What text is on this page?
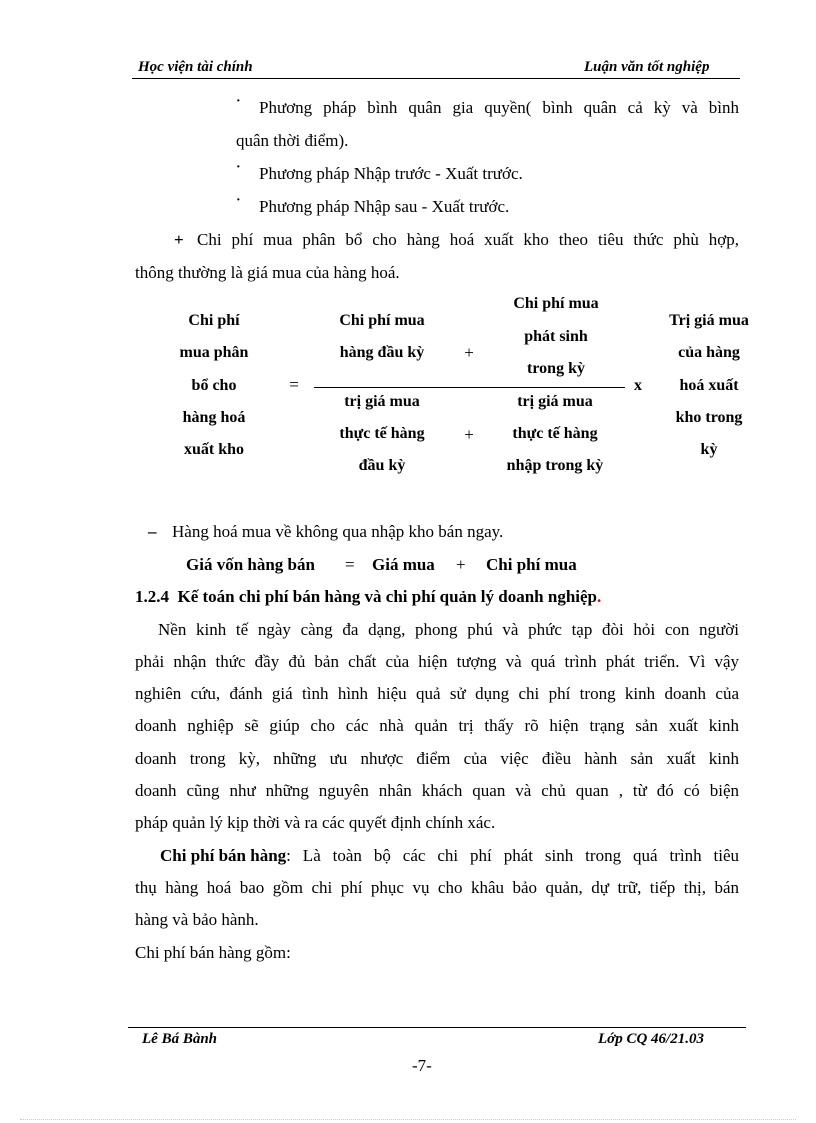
Học viện tài chính	Luận văn tốt nghiệp
· Phương pháp bình quân gia quyền( bình quân cả kỳ và bình
quân thời điểm).
· Phương pháp Nhập trước - Xuất trước.
· Phương pháp Nhập sau - Xuất trước.
+ Chi phí mua phân bổ cho hàng hoá xuất kho theo tiêu thức phù hợp,
thông thường là giá mua của hàng hoá.
Chi phí
mua phân
bổ cho
hàng hoá
xuất kho
=
Chi phí mua
hàng đầu kỳ	+
Chi phí mua
phát sinh
trong kỳ
trị giá mua
thực tế hàng
đầu kỳ
+
trị giá mua
thực tế hàng
nhập trong kỳ
x
Trị giá mua
của hàng
hoá xuất
kho trong
kỳ
– Hàng hoá mua về không qua nhập kho bán ngay.
Giá vốn hàng bán = Giá mua + Chi phí mua
1.2.4 Kế toán chi phí bán hàng và chi phí quản lý doanh nghiệp.
Nền kinh tế ngày càng đa dạng, phong phú và phức tạp đòi hỏi con người
phải nhận thức đầy đủ bản chất của hiện tượng và quá trình phát triển. Vì vậy
nghiên cứu, đánh giá tình hình hiệu quả sử dụng chi phí trong kinh doanh của
doanh nghiệp sẽ giúp cho các nhà quản trị thấy rõ hiện trạng sản xuất kinh
doanh trong kỳ, những ưu nhược điểm của việc điều hành sản xuất kinh
doanh cũng như những nguyên nhân khách quan và chủ quan , từ đó có biện
pháp quản lý kịp thời và ra các quyết định chính xác.
Chi phí bán hàng : Là toàn bộ các chi phí phát sinh trong quá trình tiêu
thụ hàng hoá bao gồm chi phí phục vụ cho khâu bảo quản, dự trữ, tiếp thị, bán
hàng và bảo hành.
Chi phí bán hàng gồm:
Lê Bá Bành	Lớp CQ 46/21.03
-7-
